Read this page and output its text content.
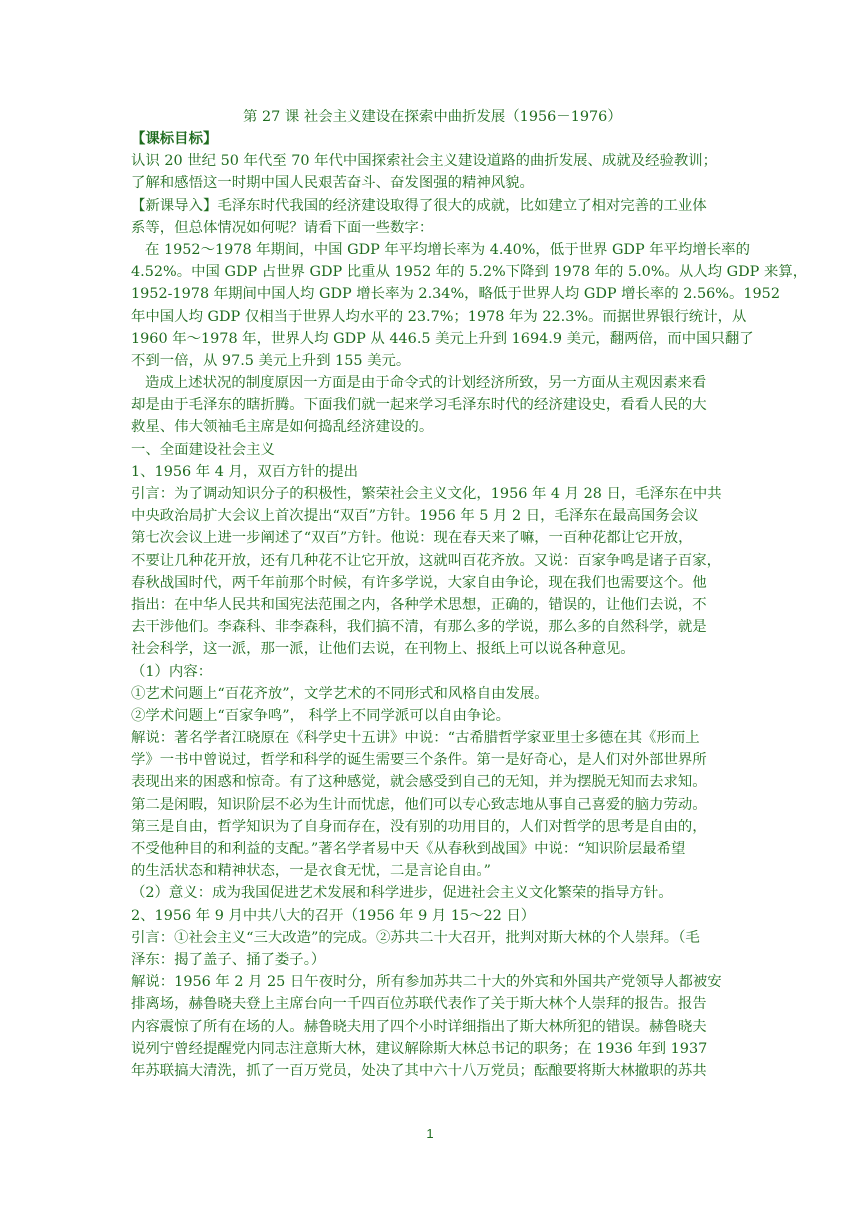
第 27 课 社会主义建设在探索中曲折发展（1956－1976）
【课标目标】
认识 20 世纪 50 年代至 70 年代中国探索社会主义建设道路的曲折发展、成就及经验教训；
了解和感悟这一时期中国人民艰苦奋斗、奋发图强的精神风貌。
【新课导入】毛泽东时代我国的经济建设取得了很大的成就，比如建立了相对完善的工业体
系等，但总体情况如何呢？请看下面一些数字：
在 1952～1978 年期间，中国 GDP 年平均增长率为 4.40%，低于世界 GDP 年平均增长率的
4.52%。中国 GDP 占世界 GDP 比重从 1952 年的 5.2%下降到 1978 年的 5.0%。从人均 GDP 来算，
1952-1978 年期间中国人均 GDP 增长率为 2.34%，略低于世界人均 GDP 增长率的 2.56%。1952
年中国人均 GDP 仅相当于世界人均水平的 23.7%；1978 年为 22.3%。而据世界银行统计，从
1960 年～1978 年，世界人均 GDP 从 446.5 美元上升到 1694.9 美元，翻两倍，而中国只翻了
不到一倍，从 97.5 美元上升到 155 美元。
造成上述状况的制度原因一方面是由于命令式的计划经济所致，另一方面从主观因素来看
却是由于毛泽东的瞎折腾。下面我们就一起来学习毛泽东时代的经济建设史，看看人民的大
救星、伟大领袖毛主席是如何捣乱经济建设的。
一、全面建设社会主义
1、1956 年 4 月，双百方针的提出
引言：为了调动知识分子的积极性，繁荣社会主义文化，1956 年 4 月 28 日，毛泽东在中共
中央政治局扩大会议上首次提出“双百”方针。1956 年 5 月 2 日，毛泽东在最高国务会议
第七次会议上进一步阐述了“双百”方针。他说：现在春天来了嘛，一百种花都让它开放，
不要让几种花开放，还有几种花不让它开放，这就叫百花齐放。又说：百家争鸣是诸子百家，
春秋战国时代，两千年前那个时候，有许多学说，大家自由争论，现在我们也需要这个。他
指出：在中华人民共和国宪法范围之内，各种学术思想，正确的，错误的，让他们去说，不
去干涉他们。李森科、非李森科，我们搞不清，有那么多的学说，那么多的自然科学，就是
社会科学，这一派，那一派，让他们去说，在刊物上、报纸上可以说各种意见。
（1）内容：
①艺术问题上“百花齐放”，文学艺术的不同形式和风格自由发展。
②学术问题上“百家争鸣”， 科学上不同学派可以自由争论。
解说：著名学者江晓原在《科学史十五讲》中说：“古希腊哲学家亚里士多德在其《形而上
学》一书中曾说过，哲学和科学的诞生需要三个条件。第一是好奇心，是人们对外部世界所
表现出来的困惑和惊奇。有了这种感觉，就会感受到自己的无知，并为摆脱无知而去求知。
第二是闲暇，知识阶层不必为生计而忧虑，他们可以专心致志地从事自己喜爱的脑力劳动。
第三是自由，哲学知识为了自身而存在，没有别的功用目的，人们对哲学的思考是自由的，
不受他种目的和利益的支配。”著名学者易中天《从春秋到战国》中说：“知识阶层最希望
的生活状态和精神状态，一是衣食无忧，二是言论自由。”
（2）意义：成为我国促进艺术发展和科学进步，促进社会主义文化繁荣的指导方针。
2、1956 年 9 月中共八大的召开（1956 年 9 月 15～22 日）
引言：①社会主义“三大改造”的完成。②苏共二十大召开，批判对斯大林的个人崇拜。（毛
泽东：揭了盖子、捅了娄子。）
解说：1956 年 2 月 25 日午夜时分，所有参加苏共二十大的外宾和外国共产党领导人都被安
排离场，赫鲁晓夫登上主席台向一千四百位苏联代表作了关于斯大林个人崇拜的报告。报告
内容震惊了所有在场的人。赫鲁晓夫用了四个小时详细指出了斯大林所犯的错误。赫鲁晓夫
说列宁曾经提醒党内同志注意斯大林，建议解除斯大林总书记的职务；在 1936 年到 1937
年苏联搞大清洗，抓了一百万党员，处决了其中六十八万党员；酝酿要将斯大林撤职的苏共
1
